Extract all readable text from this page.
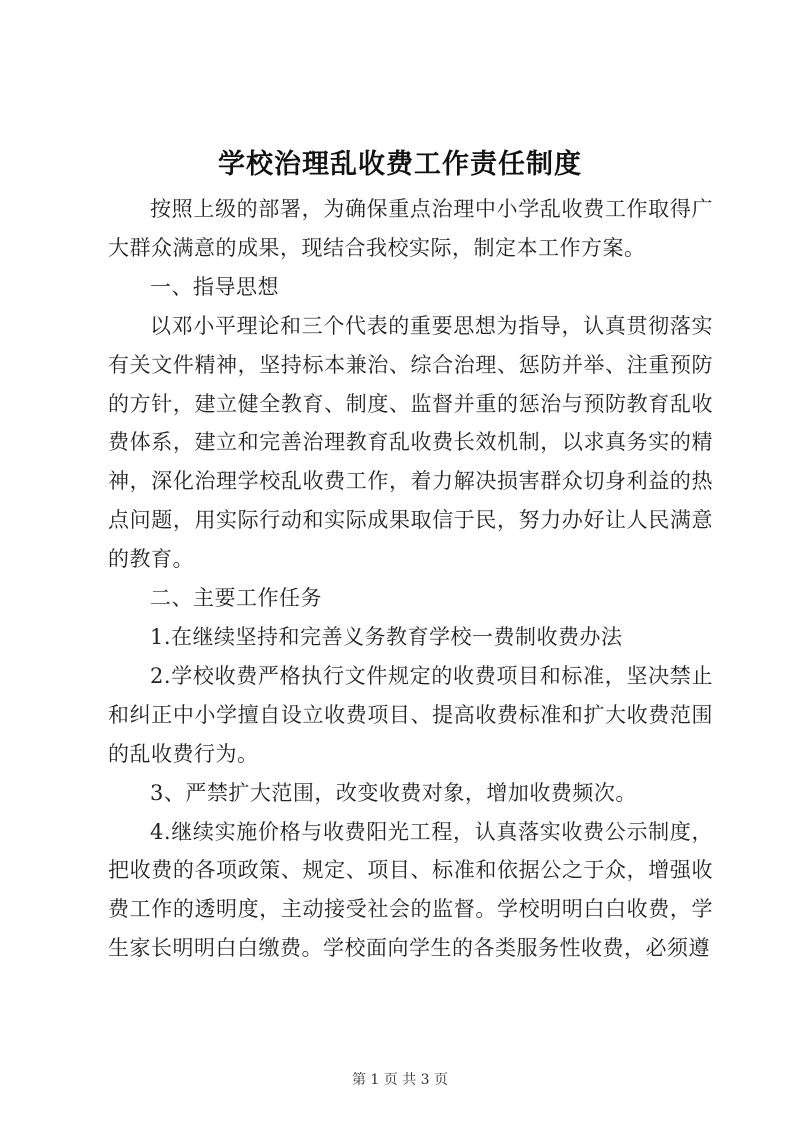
学校治理乱收费工作责任制度

按照上级的部署，为确保重点治理中小学乱收费工作取得广大群众满意的成果，现结合我校实际，制定本工作方案。

一、指导思想

以邓小平理论和三个代表的重要思想为指导，认真贯彻落实有关文件精神，坚持标本兼治、综合治理、惩防并举、注重预防的方针，建立健全教育、制度、监督并重的惩治与预防教育乱收费体系，建立和完善治理教育乱收费长效机制，以求真务实的精神，深化治理学校乱收费工作，着力解决损害群众切身利益的热点问题，用实际行动和实际成果取信于民，努力办好让人民满意的教育。

二、主要工作任务

1.在继续坚持和完善义务教育学校一费制收费办法

2.学校收费严格执行文件规定的收费项目和标准，坚决禁止和纠正中小学擅自设立收费项目、提高收费标准和扩大收费范围的乱收费行为。

3、严禁扩大范围，改变收费对象，增加收费频次。

4.继续实施价格与收费阳光工程，认真落实收费公示制度，把收费的各项政策、规定、项目、标准和依据公之于众，增强收费工作的透明度，主动接受社会的监督。学校明明白白收费，学生家长明明白白缴费。学校面向学生的各类服务性收费，必须遵

第 1 页 共 3 页
